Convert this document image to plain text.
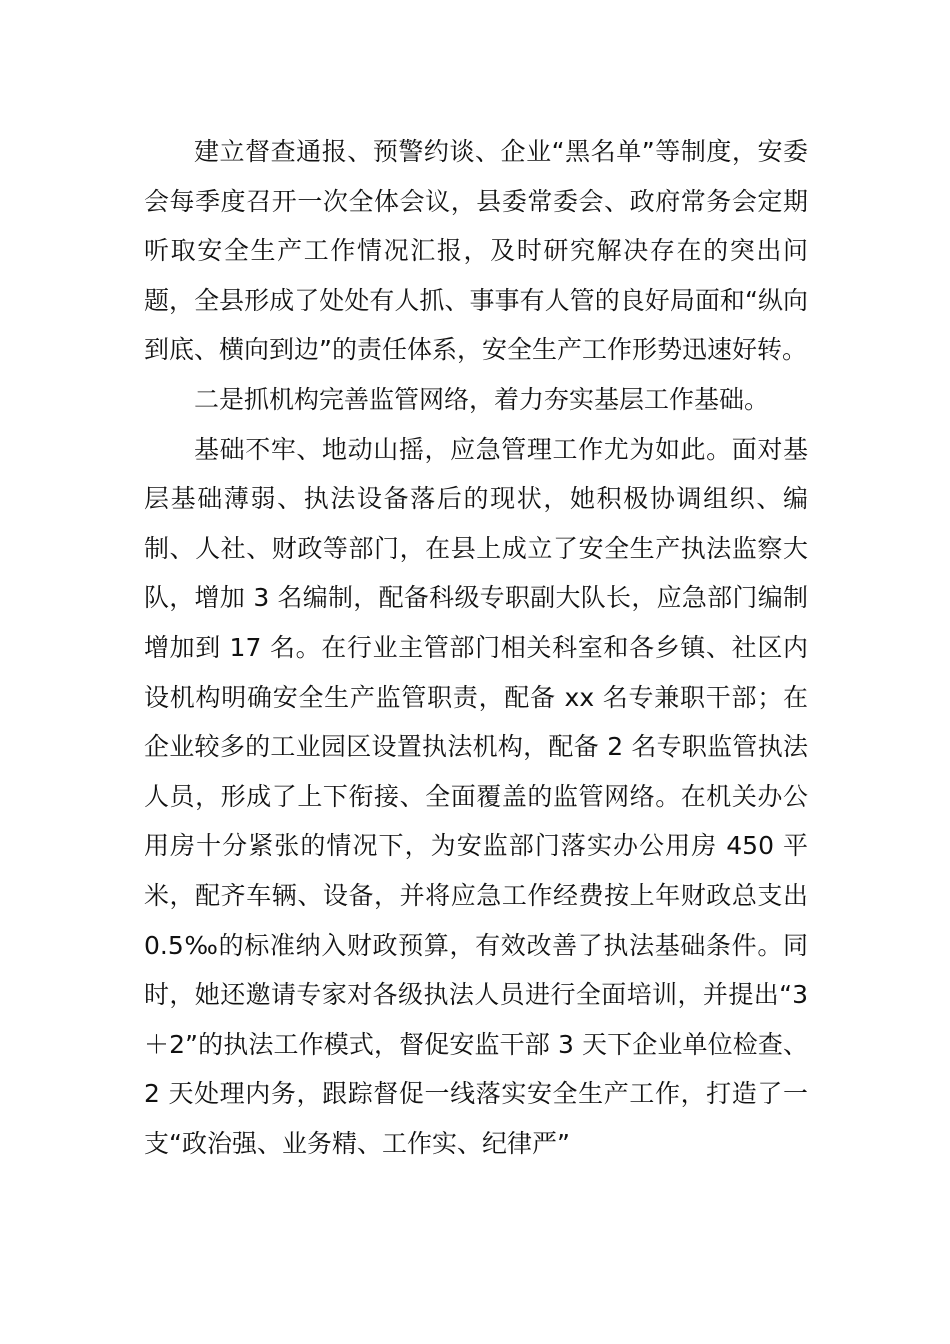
建立督查通报、预警约谈、企业“黑名单”等制度，安委会每季度召开一次全体会议，县委常委会、政府常务会定期听取安全生产工作情况汇报，及时研究解决存在的突出问题，全县形成了处处有人抓、事事有人管的良好局面和“纵向到底、横向到边”的责任体系，安全生产工作形势迅速好转。

二是抓机构完善监管网络，着力夯实基层工作基础。

基础不牢、地动山摇，应急管理工作尤为如此。面对基层基础薄弱、执法设备落后的现状，她积极协调组织、编制、人社、财政等部门，在县上成立了安全生产执法监察大队，增加 3 名编制，配备科级专职副大队长，应急部门编制增加到 17 名。在行业主管部门相关科室和各乡镇、社区内设机构明确安全生产监管职责，配备 xx 名专兼职干部；在企业较多的工业园区设置执法机构，配备 2 名专职监管执法人员，形成了上下衔接、全面覆盖的监管网络。在机关办公用房十分紧张的情况下，为安监部门落实办公用房 450 平米，配齐车辆、设备，并将应急工作经费按上年财政总支出 0.5‰的标准纳入财政预算，有效改善了执法基础条件。同时，她还邀请专家对各级执法人员进行全面培训，并提出“3＋2”的执法工作模式，督促安监干部 3 天下企业单位检查、2 天处理内务，跟踪督促一线落实安全生产工作，打造了一支“政治强、业务精、工作实、纪律严”
